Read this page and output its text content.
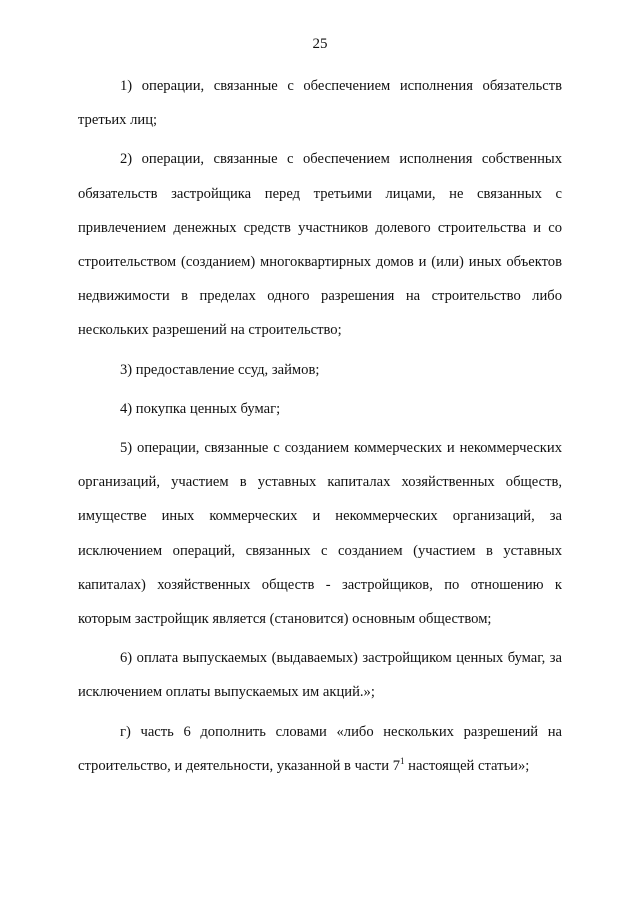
25

1) операции, связанные с обеспечением исполнения обязательств третьих лиц;

2) операции, связанные с обеспечением исполнения собственных обязательств застройщика перед третьими лицами, не связанных с привлечением денежных средств участников долевого строительства и со строительством (созданием) многоквартирных домов и (или) иных объектов недвижимости в пределах одного разрешения на строительство либо нескольких разрешений на строительство;

3) предоставление ссуд, займов;

4) покупка ценных бумаг;

5) операции, связанные с созданием коммерческих и некоммерческих организаций, участием в уставных капиталах хозяйственных обществ, имуществе иных коммерческих и некоммерческих организаций, за исключением операций, связанных с созданием (участием в уставных капиталах) хозяйственных обществ - застройщиков, по отношению к которым застройщик является (становится) основным обществом;

6) оплата выпускаемых (выдаваемых) застройщиком ценных бумаг, за исключением оплаты выпускаемых им акций.»;

г) часть 6 дополнить словами «либо нескольких разрешений на строительство, и деятельности, указанной в части $7^1$ настоящей статьи»;
